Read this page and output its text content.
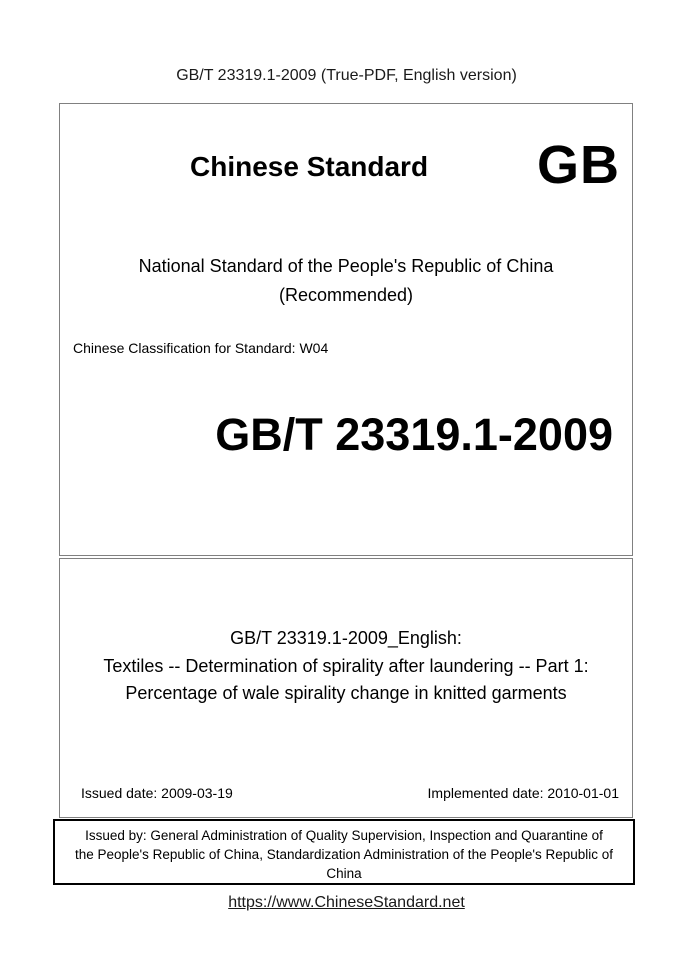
GB/T 23319.1-2009 (True-PDF, English version)
Chinese Standard GB
National Standard of the People's Republic of China
(Recommended)
Chinese Classification for Standard: W04
GB/T 23319.1-2009
GB/T 23319.1-2009_English:
Textiles -- Determination of spirality after laundering -- Part 1:
Percentage of wale spirality change in knitted garments
Issued date: 2009-03-19	Implemented date: 2010-01-01
Issued by: General Administration of Quality Supervision, Inspection and Quarantine of
the People's Republic of China, Standardization Administration of the People's Republic of
China
https://www.ChineseStandard.net
